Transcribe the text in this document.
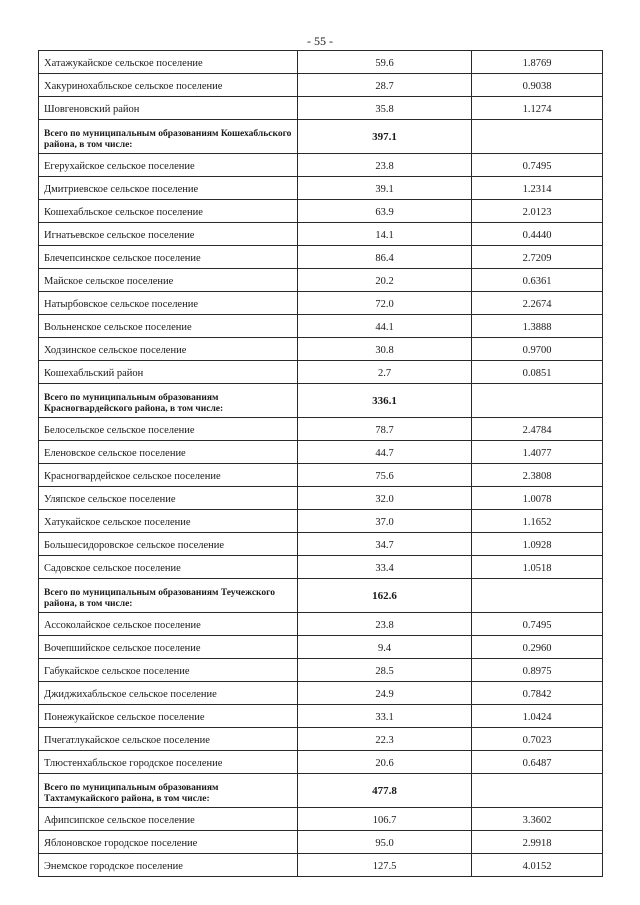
- 55 -
Хатажукайское сельское поселение	59.6	1.8769
Хакуринохабльское сельское поселение	28.7	0.9038
Шовгеновский район	35.8	1.1274
Всего по муниципальным образованиям Кошехабльского района, в том числе:	397.1	
Егерухайское сельское поселение	23.8	0.7495
Дмитриевское сельское поселение	39.1	1.2314
Кошехабльское сельское поселение	63.9	2.0123
Игнатьевское сельское поселение	14.1	0.4440
Блечепсинское сельское поселение	86.4	2.7209
Майское сельское поселение	20.2	0.6361
Натырбовское сельское поселение	72.0	2.2674
Вольненское сельское поселение	44.1	1.3888
Ходзинское сельское поселение	30.8	0.9700
Кошехабльский район	2.7	0.0851
Всего по муниципальным образованиям Красногвардейского района, в том числе:	336.1	
Белосельское сельское поселение	78.7	2.4784
Еленовское сельское поселение	44.7	1.4077
Красногвардейское сельское поселение	75.6	2.3808
Уляпское сельское поселение	32.0	1.0078
Хатукайское сельское поселение	37.0	1.1652
Большесидоровское сельское поселение	34.7	1.0928
Садовское сельское поселение	33.4	1.0518
Всего по муниципальным образованиям Теучежского района, в том числе:	162.6	
Ассоколайское сельское поселение	23.8	0.7495
Вочепшийское сельское поселение	9.4	0.2960
Габукайское сельское поселение	28.5	0.8975
Джиджихабльское сельское поселение	24.9	0.7842
Понежукайское сельское поселение	33.1	1.0424
Пчегатлукайское сельское поселение	22.3	0.7023
Тлюстенхабльское городское поселение	20.6	0.6487
Всего по муниципальным образованиям Тахтамукайского района, в том числе:	477.8	
Афипсипское сельское поселение	106.7	3.3602
Яблоновское городское поселение	95.0	2.9918
Энемское городское поселение	127.5	4.0152
